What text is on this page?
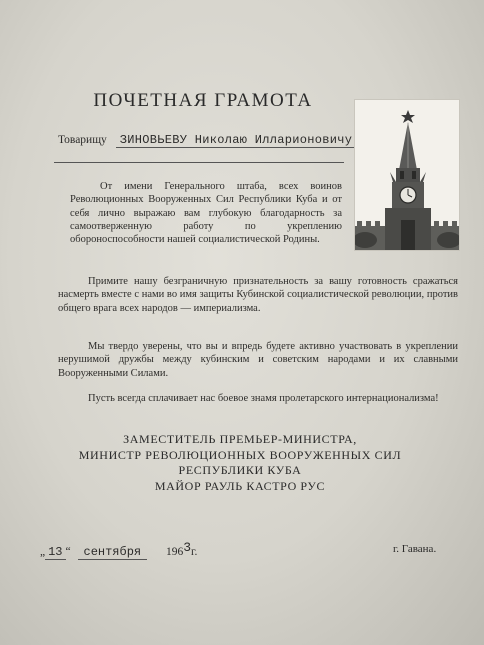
ПОЧЕТНАЯ ГРАМОТА
Товарищу ЗИНОВЬЕВУ Николаю Илларионовичу
От имени Генерального штаба, всех воинов Революционных Вооруженных Сил Республики Куба и от себя лично выражаю вам глубокую благодарность за самоотверженную работу по укреплению обороноспособности нашей социалистической Родины.
Примите нашу безграничную признательность за вашу готовность сражаться насмерть вместе с нами во имя защиты Кубинской социалистической революции, против общего врага всех народов — империализма.
Мы твердо уверены, что вы и впредь будете активно участвовать в укреплении нерушимой дружбы между кубинским и советским народами и их славными Вооруженными Силами.
Пусть всегда сплачивает нас боевое знамя пролетарского интернационализма!
ЗАМЕСТИТЕЛЬ ПРЕМЬЕР-МИНИСТРА,
МИНИСТР РЕВОЛЮЦИОННЫХ ВООРУЖЕННЫХ СИЛ
РЕСПУБЛИКИ КУБА
МАЙОР РАУЛЬ КАСТРО РУС
„ 13 “ сентября 1963г.	г. Гавана.
